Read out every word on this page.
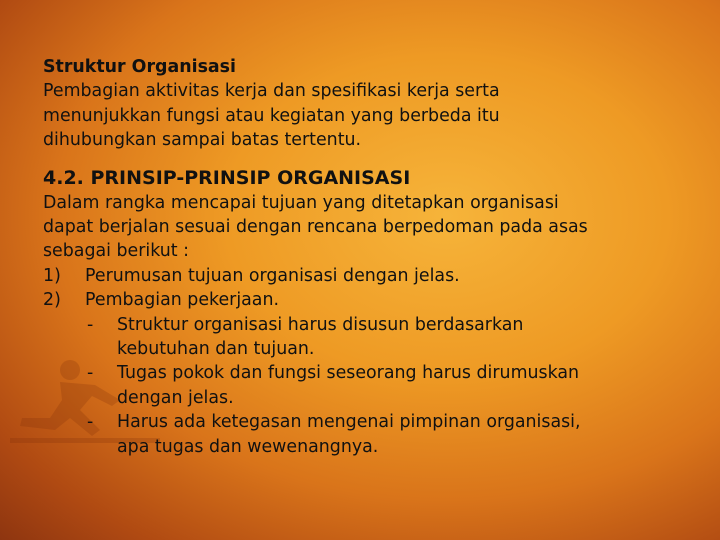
Struktur Organisasi
Pembagian aktivitas kerja dan spesifikasi kerja serta
menunjukkan fungsi atau kegiatan yang berbeda itu
dihubungkan sampai batas tertentu.
4.2. PRINSIP-PRINSIP ORGANISASI
Dalam rangka mencapai tujuan yang ditetapkan organisasi
dapat berjalan sesuai dengan rencana berpedoman pada asas
sebagai berikut :
1)	Perumusan tujuan organisasi dengan jelas.
2)	Pembagian pekerjaan.
-	Struktur organisasi harus disusun berdasarkan
kebutuhan dan tujuan.
-	Tugas pokok dan fungsi seseorang harus dirumuskan
dengan jelas.
-	Harus ada ketegasan mengenai pimpinan organisasi,
apa tugas dan wewenangnya.
